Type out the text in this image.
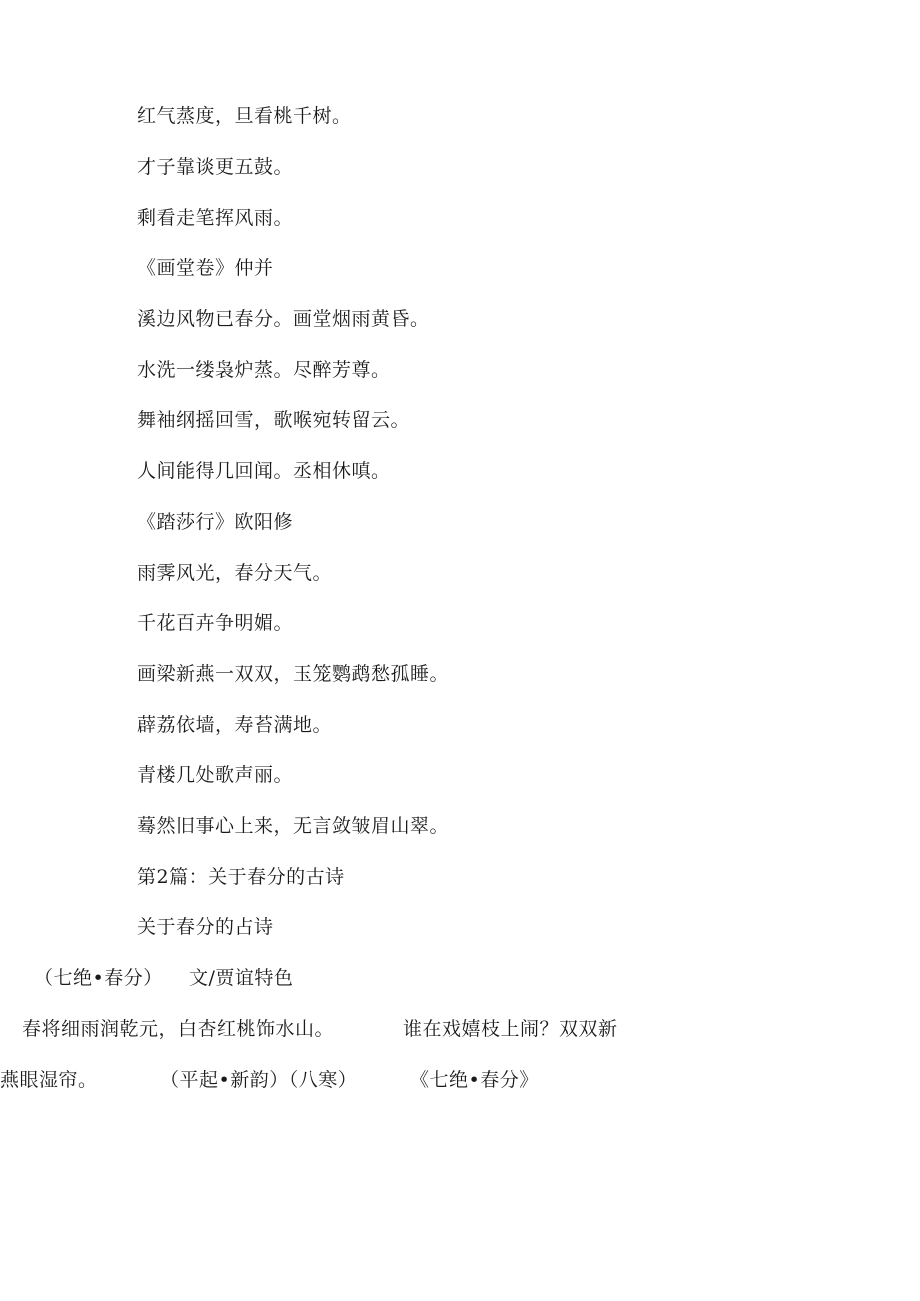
红气蒸度，旦看桃千树。
才子靠谈更五鼓。
剩看走笔挥风雨。
《画堂卷》仲并
溪边风物已春分。画堂烟雨黄昏。
水洗一缕袅炉蒸。尽醉芳尊。
舞袖纲摇回雪，歌喉宛转留云。
人间能得几回闻。丞相休嗔。
《踏莎行》欧阳修
雨霁风光，春分天气。
千花百卉争明媚。
画梁新燕一双双，玉笼鹦鹉愁孤睡。
薜荔依墙，寿苔满地。
青楼几处歌声丽。
蓦然旧事心上来，无言敛皱眉山翠。
第2篇：关于春分的古诗
关于春分的占诗
（七绝•春分） 文/贾谊特色
春将细雨润乾元，白杏红桃饰水山。	谁在戏嬉枝上闹？双双新
燕眼湿帘。	（平起•新韵）（八寒）	《七绝•春分》
